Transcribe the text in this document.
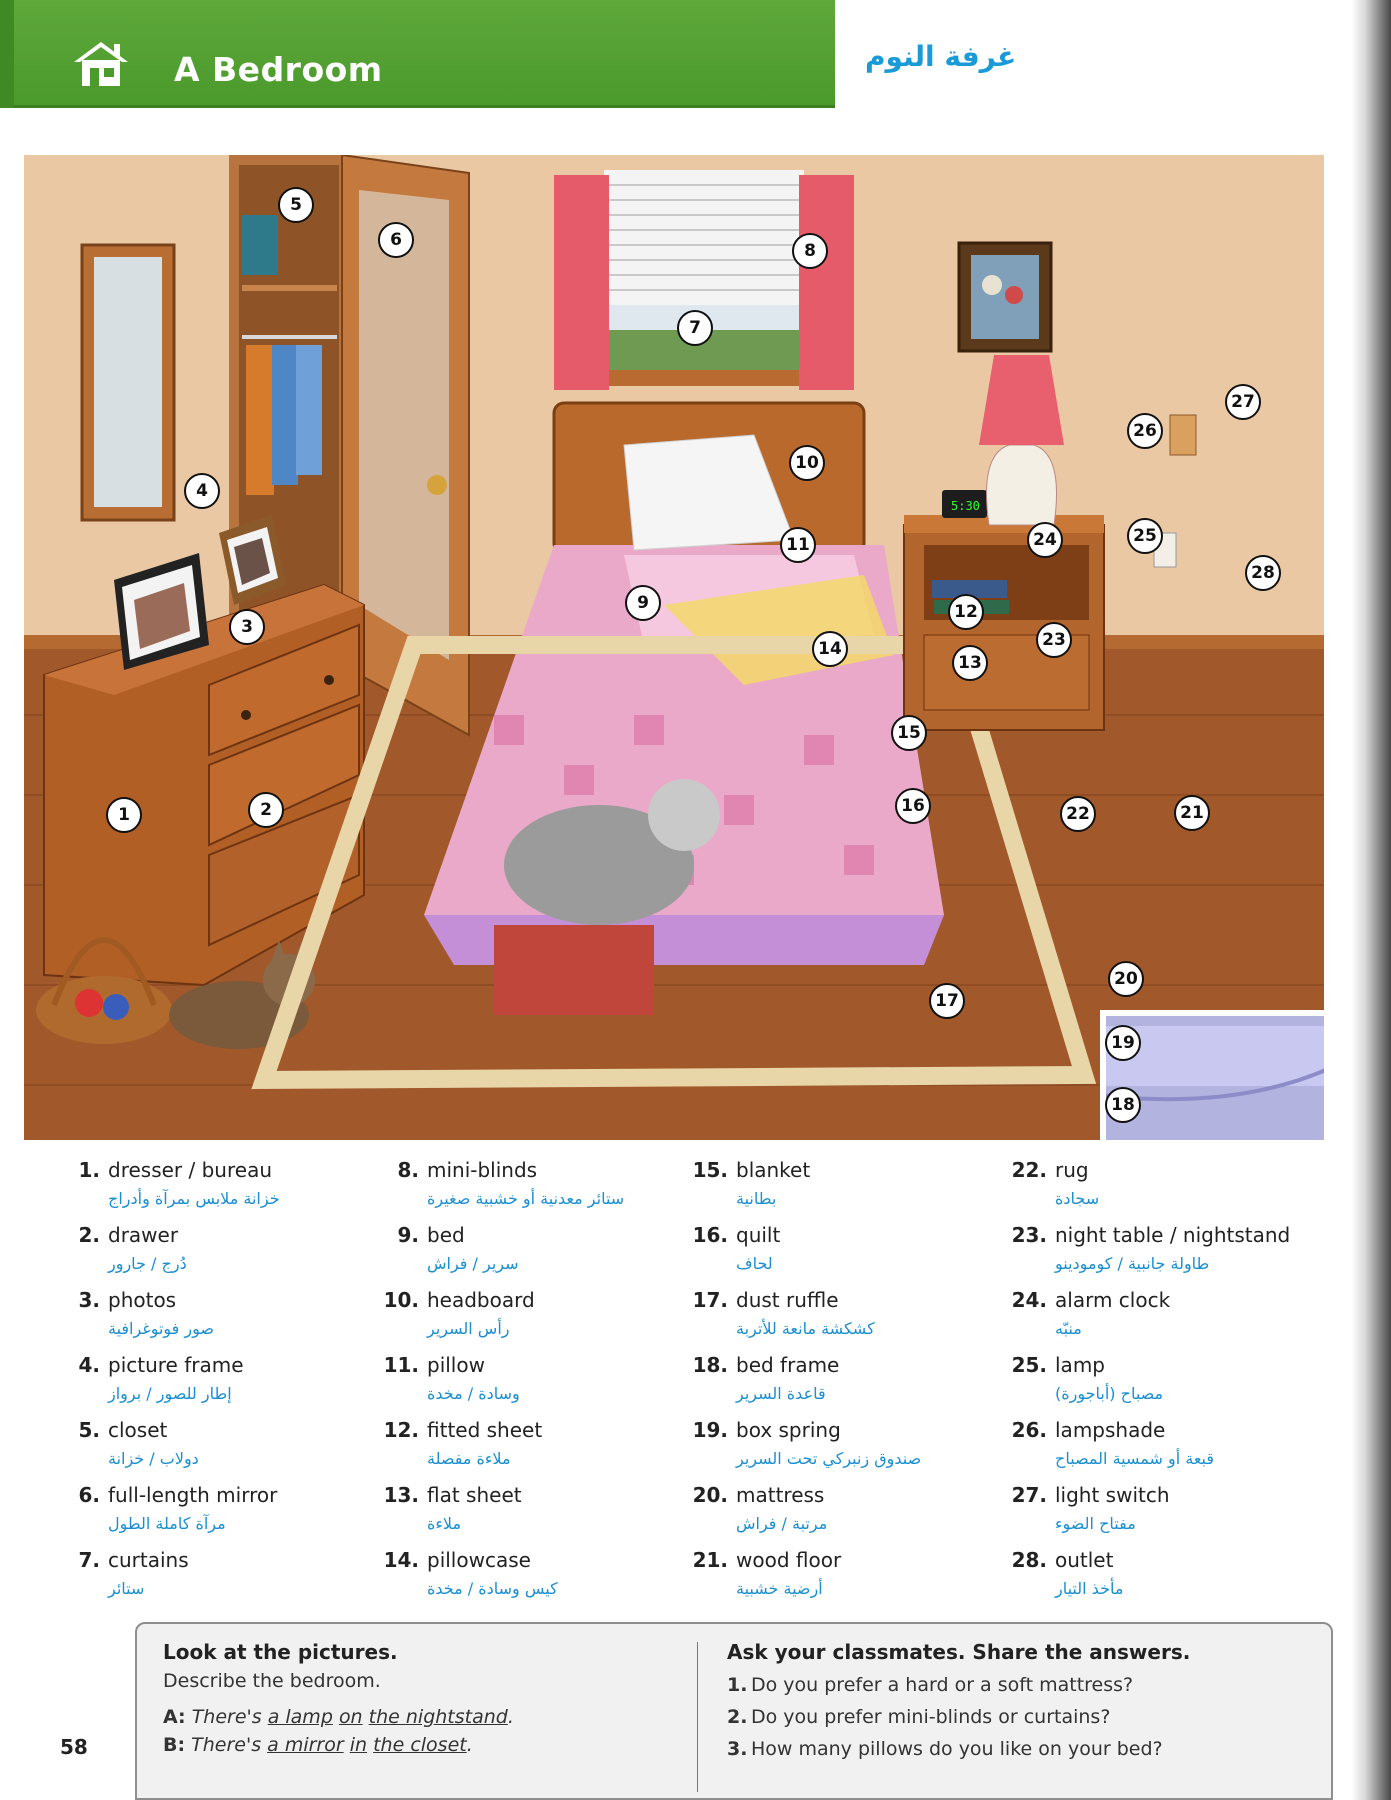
A Bedroom	غرفة النوم
5:30
1	2
3
4
5
6
7
8
9
10
11
12
13
14
15
16
17
18
19
20
21
22
23
24	25
26
27
28
1. dresser / bureau
خزانة ملابس بمرآة وأدراج
2. drawer
دُرج / جارور
3. photos
صور فوتوغرافية
4. picture frame
إطار للصور / برواز
5. closet
دولاب / خزانة
6. full-length mirror
مرآة كاملة الطول
7. curtains
ستائر
8. mini-blinds
ستائر معدنية أو خشبية صغيرة
9. bed
سرير / فراش
10. headboard
رأس السرير
11. pillow
وسادة / مخدة
12. fitted sheet
ملاءة مفصلة
13. flat sheet
ملاءة
14. pillowcase
كيس وسادة / مخدة
15. blanket
بطانية
16. quilt
لحاف
17. dust ruffle
كشكشة مانعة للأتربة
18. bed frame
قاعدة السرير
19. box spring
صندوق زنبركي تحت السرير
20. mattress
مرتبة / فراش
21. wood floor
أرضية خشبية
22. rug
سجادة
23. night table / nightstand
طاولة جانبية / كومودينو
24. alarm clock
منبّه
25. lamp
مصباح (أباجورة)
26. lampshade
قبعة أو شمسية المصباح
27. light switch
مفتاح الضوء
28. outlet
مأخذ التيار
Look at the pictures.
Describe the bedroom.
A: There's a lamp on the nightstand.
B: There's a mirror in the closet.
Ask your classmates. Share the answers.
1. Do you prefer a hard or a soft mattress?
2. Do you prefer mini-blinds or curtains?
3. How many pillows do you like on your bed?
58
